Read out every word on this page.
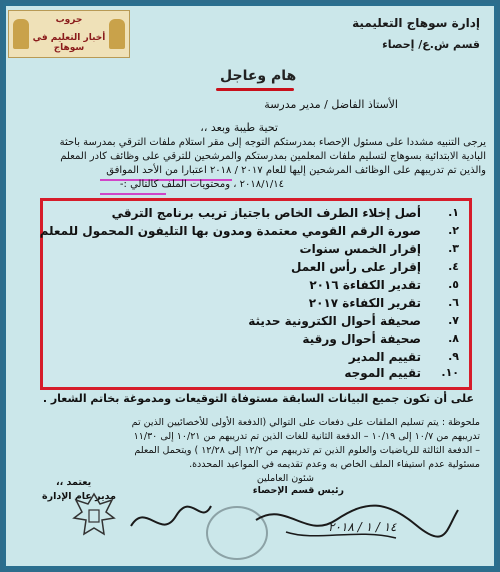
جروب
أخبار التعليم في سوهاج
إدارة سوهاج التعليمية
قسم ش.ع/ إحصاء
هام وعاجل
الأستاذ الفاضل / مدير مدرسة
تحية طيبة وبعد ،،
يرجى التنبيه مشددا على مسئول الإحصاء بمدرستكم التوجه إلى مقر استلام ملفات الترقي بمدرسة باحثة
البادية الابتدائية بسوهاج لتسليم ملفات المعلمين بمدرستكم والمرشحين للترقي على وظائف كادر المعلم
والذين تم تدريبهم على الوظائف المرشحين إليها للعام ٢٠١٧ / ٢٠١٨ اعتبارا من الأحد الموافق
٢٠١٨/١/١٤ ، ومحتويات الملف كالتالي :-
١.
أصل إخلاء الطرف الخاص باجتياز تريب برنامج الترقي
٢.
صورة الرقم القومي معتمدة ومدون بها التليفون المحمول للمعلم
٣.
إقرار الخمس سنوات
٤.
إقرار على رأس العمل
٥.
تقدير الكفاءة ٢٠١٦
٦.
تقرير الكفاءة ٢٠١٧
٧.
صحيفة أحوال الكترونية حديثة
٨.
صحيفة أحوال ورقية
٩.
تقييم المدير
١٠.
تقييم الموجه
على أن تكون جميع البيانات السابقة مستوفاة التوقيعات ومدموغة بخاتم الشعار .
ملحوظة : يتم تسليم الملفات على دفعات على التوالي (الدفعة الأولى للأخصائيين الذين تم
تدريبهم من ١٠/٧ إلى ١٠/١٩ – الدفعة الثانية للغات الذين تم تدريبهم من ١٠/٢١ إلى ١١/٣٠
– الدفعة الثالثة للرياضيات والعلوم الذين تم تدريبهم من ١٢/٢ إلى ١٢/٢٨ ) ويتحمل المعلم
مسئولية عدم استيفاء الملف الخاص به وعدم تقديمه في المواعيد المحددة.
شئون العاملين
رئيس قسم الإحصاء
يعتمد ،،
مدير عام الإدارة
١٤ / ١ / ٢٠١٨
